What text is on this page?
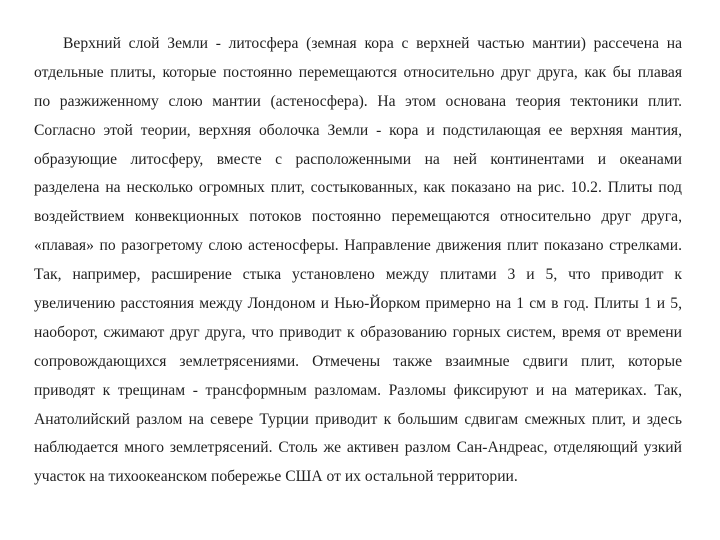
Верхний слой Земли - литосфера (земная кора с верхней частью мантии) рассечена на
отдельные плиты, которые постоянно перемещаются относительно друг друга, как бы плавая
по разжиженному слою мантии (астеносфера). На этом основана теория тектоники плит.
Согласно этой теории, верхняя оболочка Земли - кора и подстилающая ее верхняя мантия,
образующие литосферу, вместе с расположенными на ней континентами и океанами
разделена на несколько огромных плит, состыкованных, как показано на рис. 10.2. Плиты под
воздействием конвекционных потоков постоянно перемещаются относительно друг друга,
«плавая» по разогретому слою астеносферы. Направление движения плит показано стрелками.
Так, например, расширение стыка установлено между плитами 3 и 5, что приводит к
увеличению расстояния между Лондоном и Нью-Йорком примерно на 1 см в год. Плиты 1 и 5,
наоборот, сжимают друг друга, что приводит к образованию горных систем, время от времени
сопровождающихся землетрясениями. Отмечены также взаимные сдвиги плит, которые
приводят к трещинам - трансформным разломам. Разломы фиксируют и на материках. Так,
Анатолийский разлом на севере Турции приводит к большим сдвигам смежных плит, и здесь
наблюдается много землетрясений. Столь же активен разлом Сан-Андреас, отделяющий узкий
участок на тихоокеанском побережье США от их остальной территории.
